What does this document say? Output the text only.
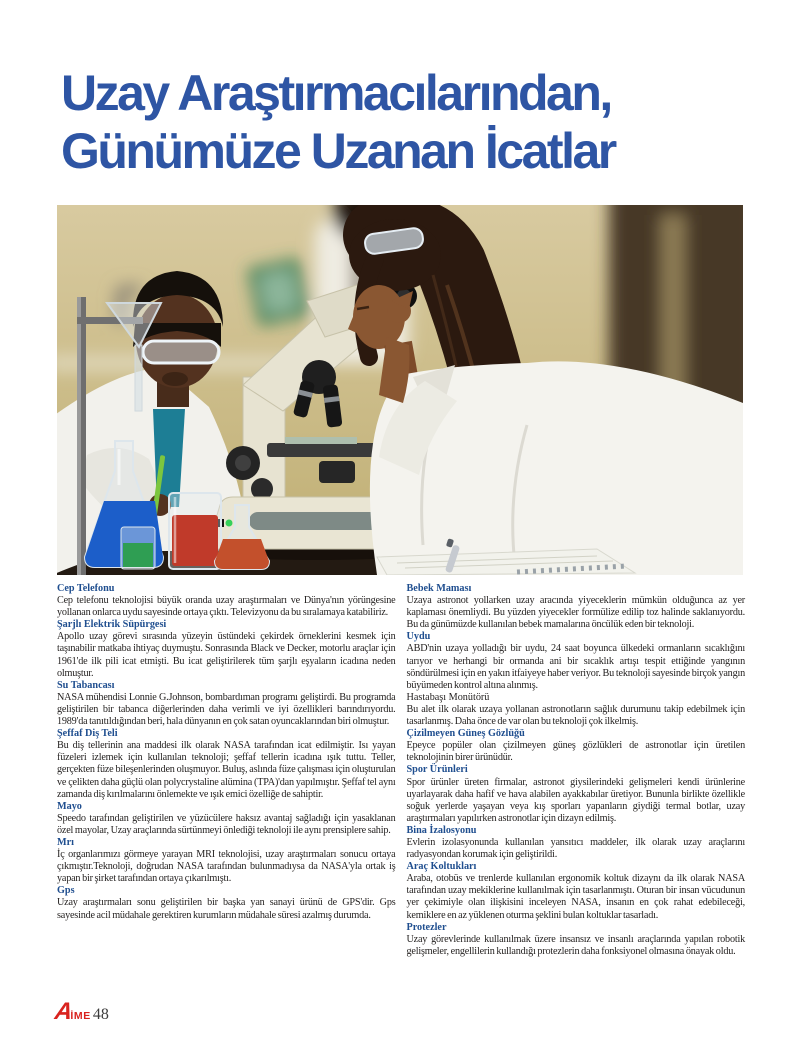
Uzay Araştırmacılarından,
Günümüze Uzanan İcatlar
Cep Telefonu

Cep telefonu teknolojisi büyük oranda uzay araştırmaları ve Dünya'nın yörüngesine yollanan onlarca uydu sayesinde ortaya çıktı. Televizyonu da bu sıralamaya katabiliriz.

Şarjlı Elektrik Süpürgesi

Apollo uzay görevi sırasında yüzeyin üstündeki çekirdek örneklerini kesmek için taşınabilir matkaba ihtiyaç duymuştu. Sonrasında Black ve Decker, motorlu araçlar için 1961'de ilk pili icat etmişti. Bu icat geliştirilerek tüm şarjlı eşyaların icadına neden olmuştur.

Su Tabancası

NASA mühendisi Lonnie G.Johnson, bombardıman programı geliştirdi. Bu programda geliştirilen bir tabanca diğerlerinden daha verimli ve iyi özellikleri barındırıyordu. 1989'da tanıtıldığından beri, hala dünyanın en çok satan oyuncaklarından biri olmuştur.

Şeffaf Diş Teli

Bu diş tellerinin ana maddesi ilk olarak NASA tarafından icat edilmiştir. Isı yayan füzeleri izlemek için kullanılan teknoloji; şeffaf tellerin icadına ışık tuttu. Teller, gerçekten füze bileşenlerinden oluşmuyor. Buluş, aslında füze çalışması için oluşturulan ve çelikten daha güçlü olan polycrystaline alümina (TPA)'dan yapılmıştır. Şeffaf tel aynı zamanda diş kırılmalarını önlemekte ve ışık emici özelliğe de sahiptir.

Mayo

Speedo tarafından geliştirilen ve yüzücülere haksız avantaj sağladığı için yasaklanan özel mayolar, Uzay araçlarında sürtünmeyi önlediği teknoloji ile aynı prensiplere sahip.

Mrı

İç organlarımızı görmeye yarayan MRI teknolojisi, uzay araştırmaları sonucu ortaya çıkmıştır.Teknoloji, doğrudan NASA tarafından bulunmadıysa da NASA'yla ortak iş yapan bir şirket tarafından ortaya çıkarılmıştı.

Gps

Uzay araştırmaları sonu geliştirilen bir başka yan sanayi ürünü de GPS'dir. Gps sayesinde acil müdahale gerektiren kurumların müdahale süresi azalmış durumda.

Bebek Maması

Uzaya astronot yollarken uzay aracında yiyeceklerin mümkün olduğunca az yer kaplaması önemliydi. Bu yüzden yiyecekler formülize edilip toz halinde saklanıyordu. Bu da günümüzde kullanılan bebek mamalarına öncülük eden bir teknoloji.

Uydu

ABD'nin uzaya yolladığı bir uydu, 24 saat boyunca ülkedeki ormanların sıcaklığını tarıyor ve herhangi bir ormanda ani bir sıcaklık artışı tespit ettiğinde yangının söndürülmesi için en yakın itfaiyeye haber veriyor. Bu teknoloji sayesinde birçok yangın büyümeden kontrol altına alınmış.

Hastabaşı Monütörü

Bu alet ilk olarak uzaya yollanan astronotların sağlık durumunu takip edebilmek için tasarlanmış. Daha önce de var olan bu teknoloji çok ilkelmiş.

Çizilmeyen Güneş Gözlüğü

Epeyce popüler olan çizilmeyen güneş gözlükleri de astronotlar için üretilen teknolojinin birer ürünüdür.

Spor Ürünleri

Spor ürünler üreten firmalar, astronot giysilerindeki gelişmeleri kendi ürünlerine uyarlayarak daha hafif ve hava alabilen ayakkabılar üretiyor. Bununla birlikte özellikle soğuk yerlerde yaşayan veya kış sporları yapanların giydiği termal botlar, uzay araştırmaları yapılırken astronotlar için dizayn edilmiş.

Bina İzalosyonu

Evlerin izolasyonunda kullanılan yansıtıcı maddeler, ilk olarak uzay araçlarını radyasyondan korumak için geliştirildi.

Araç Koltukları

Araba, otobüs ve trenlerde kullanılan ergonomik koltuk dizaynı da ilk olarak NASA tarafından uzay mekiklerine kullanılmak için tasarlanmıştı. Oturan bir insan vücudunun yer çekimiyle olan ilişkisini inceleyen NASA, insanın en çok rahat edebileceği, kemiklere en az yüklenen oturma şeklini bulan koltuklar tasarladı.

Protezler

Uzay görevlerinde kullanılmak üzere insansız ve insanlı araçlarında yapılan robotik gelişmeler, engellilerin kullandığı protezlerin daha fonksiyonel olmasına önayak oldu.

A
İME 48
